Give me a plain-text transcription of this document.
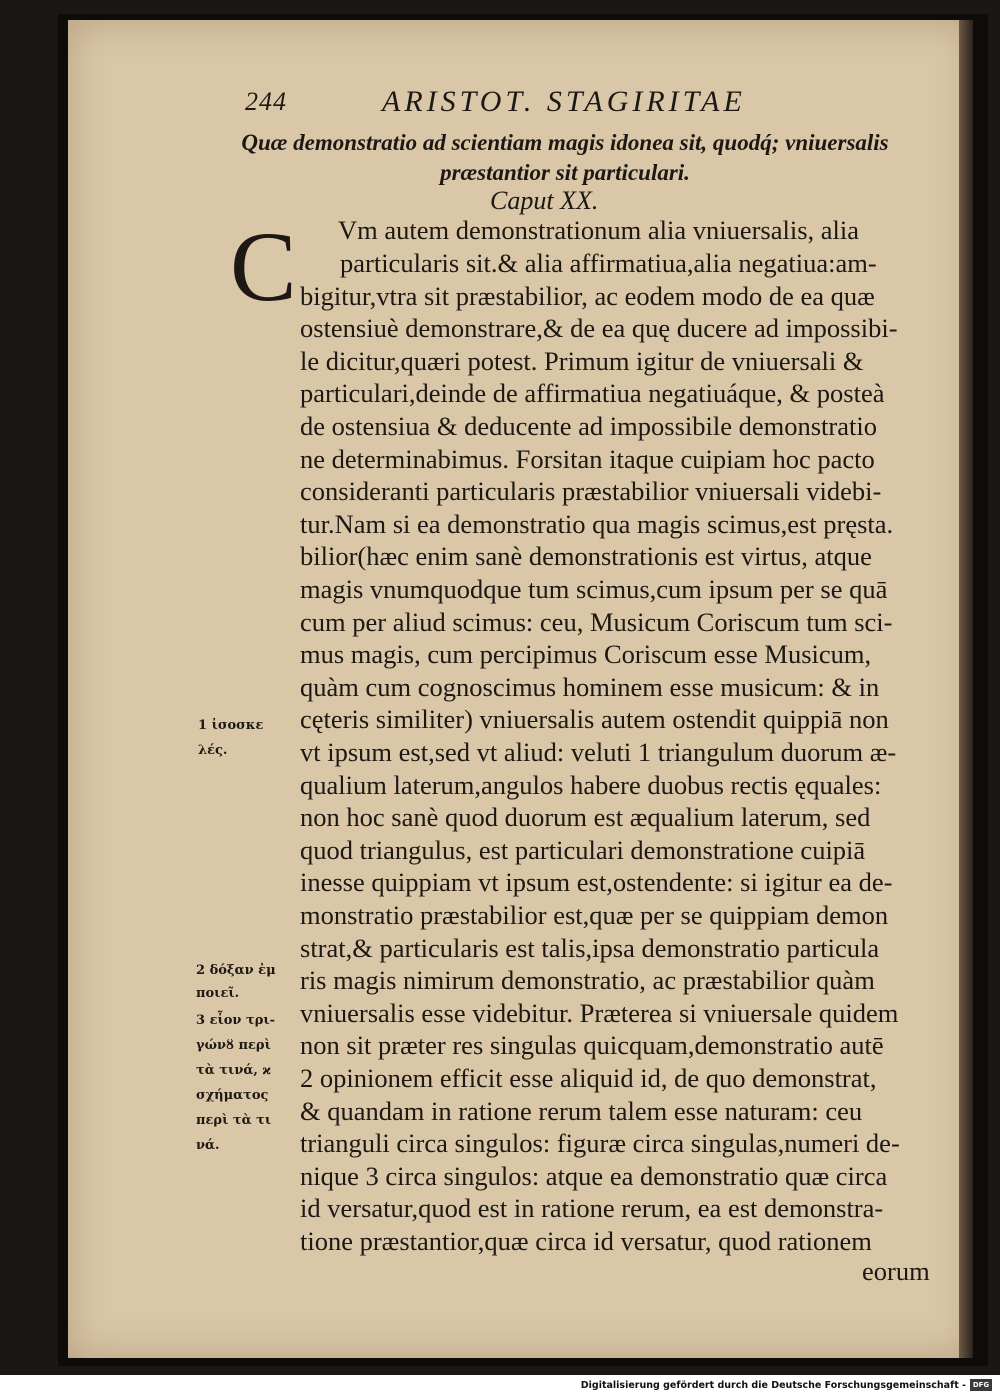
244	ARISTOT. STAGIRITAE
Quæ demonstratio ad scientiam magis idonea sit, quodq́; vniuersalis præstantior sit particulari.
Caput XX.
C	Vm autem demonstrationum alia vniuersalis, alia
particularis sit.& alia affirmatiua,alia negatiua:am-
bigitur,vtra sit præstabilior, ac eodem modo de ea quæ
ostensiuè demonstrare,& de ea quę ducere ad impossibi-
le dicitur,quæri potest. Primum igitur de vniuersali &
particulari,deinde de affirmatiua negatiuáque, & posteà
de ostensiua & deducente ad impossibile demonstratio
ne determinabimus. Forsitan itaque cuipiam hoc pacto
consideranti particularis præstabilior vniuersali videbi-
tur.Nam si ea demonstratio qua magis scimus,est pręsta.
bilior(hæc enim sanè demonstrationis est virtus, atque
magis vnumquodque tum scimus,cum ipsum per se quā
cum per aliud scimus: ceu, Musicum Coriscum tum sci-
mus magis, cum percipimus Coriscum esse Musicum,
quàm cum cognoscimus hominem esse musicum: & in
cęteris similiter) vniuersalis autem ostendit quippiā non
vt ipsum est,sed vt aliud: veluti 1 triangulum duorum æ-
qualium laterum,angulos habere duobus rectis ęquales:
non hoc sanè quod duorum est æqualium laterum, sed
quod triangulus, est particulari demonstratione cuipiā
inesse quippiam vt ipsum est,ostendente: si igitur ea de-
monstratio præstabilior est,quæ per se quippiam demon
strat,& particularis est talis,ipsa demonstratio particula
ris magis nimirum demonstratio, ac præstabilior quàm
vniuersalis esse videbitur. Præterea si vniuersale quidem
non sit præter res singulas quicquam,demonstratio autē
2 opinionem efficit esse aliquid id, de quo demonstrat,
& quandam in ratione rerum talem esse naturam: ceu
trianguli circa singulos: figuræ circa singulas,numeri de-
nique 3 circa singulos: atque ea demonstratio quæ circa
id versatur,quod est in ratione rerum, ea est demonstra-
tione præstantior,quæ circa id versatur, quod rationem
eorum
1 ἰσοσκε
λές.
2 δόξαν ἐμ
ποιεῖ.
3 εἶον τρι-
γώνȣ περὶ
τὰ τινά, ϰ
σχήματος
περὶ τὰ τι
νά.
Digitalisierung gefördert durch die Deutsche Forschungsgemeinschaft - DFG
